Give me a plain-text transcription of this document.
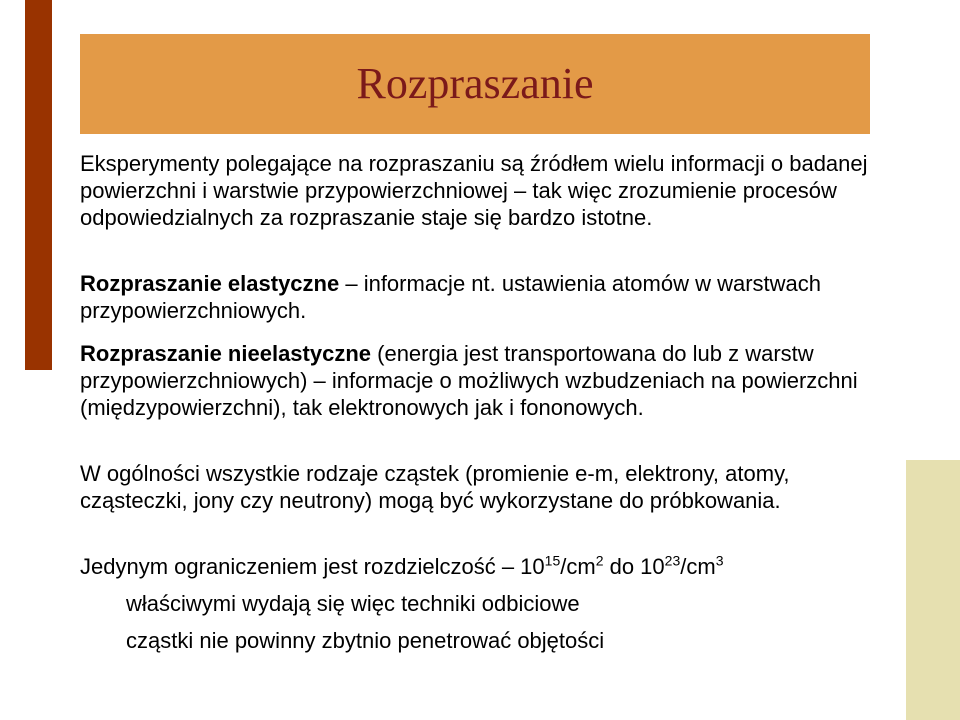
Rozpraszanie

Eksperymenty polegające na rozpraszaniu są źródłem wielu informacji o badanej powierzchni i warstwie przypowierzchniowej – tak więc zrozumienie procesów odpowiedzialnych za rozpraszanie staje się bardzo istotne.

Rozpraszanie elastyczne – informacje nt. ustawienia atomów w warstwach przypowierzchniowych.

Rozpraszanie nieelastyczne (energia jest transportowana do lub z warstw przypowierzchniowych) – informacje o możliwych wzbudzeniach na powierzchni (międzypowierzchni), tak elektronowych jak i fononowych.

W ogólności wszystkie rodzaje cząstek (promienie e-m, elektrony, atomy, cząsteczki, jony czy neutrony) mogą być wykorzystane do próbkowania.

Jedynym ograniczeniem jest rozdzielczość – $10^{15}/cm^2$ do $10^{23}/cm^3$

właściwymi wydają się więc techniki odbiciowe

cząstki nie powinny zbytnio penetrować objętości
